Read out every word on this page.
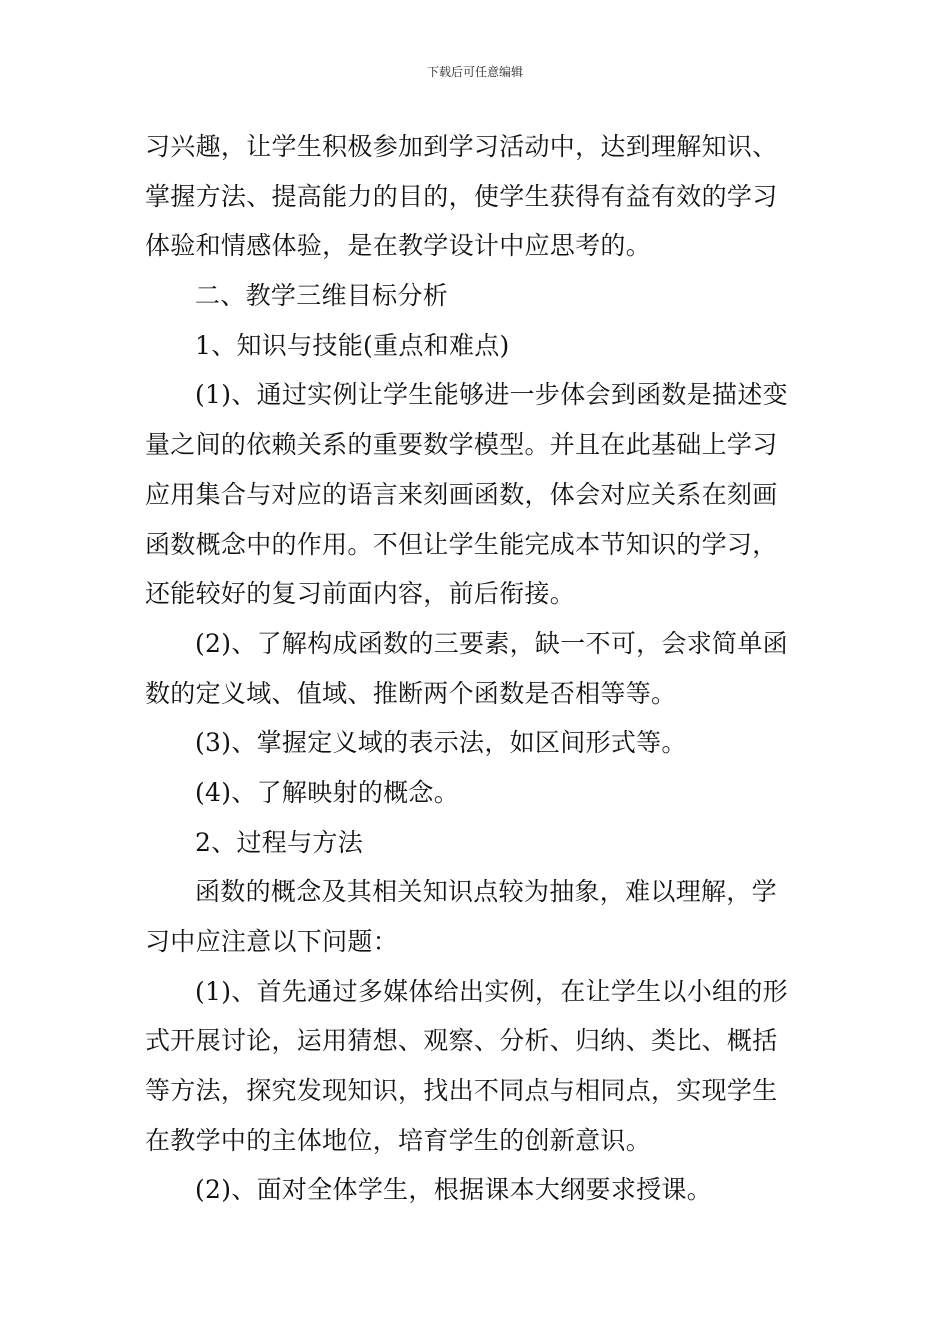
下载后可任意编辑
习兴趣，让学生积极参加到学习活动中，达到理解知识、
掌握方法、提高能力的目的，使学生获得有益有效的学习
体验和情感体验，是在教学设计中应思考的。
二、教学三维目标分析
1、知识与技能(重点和难点)
(1)、通过实例让学生能够进一步体会到函数是描述变
量之间的依赖关系的重要数学模型。并且在此基础上学习
应用集合与对应的语言来刻画函数，体会对应关系在刻画
函数概念中的作用。不但让学生能完成本节知识的学习，
还能较好的复习前面内容，前后衔接。
(2)、了解构成函数的三要素，缺一不可，会求简单函
数的定义域、值域、推断两个函数是否相等等。
(3)、掌握定义域的表示法，如区间形式等。
(4)、了解映射的概念。
2、过程与方法
函数的概念及其相关知识点较为抽象，难以理解，学
习中应注意以下问题：
(1)、首先通过多媒体给出实例，在让学生以小组的形
式开展讨论，运用猜想、观察、分析、归纳、类比、概括
等方法，探究发现知识，找出不同点与相同点，实现学生
在教学中的主体地位，培育学生的创新意识。
(2)、面对全体学生，根据课本大纲要求授课。
